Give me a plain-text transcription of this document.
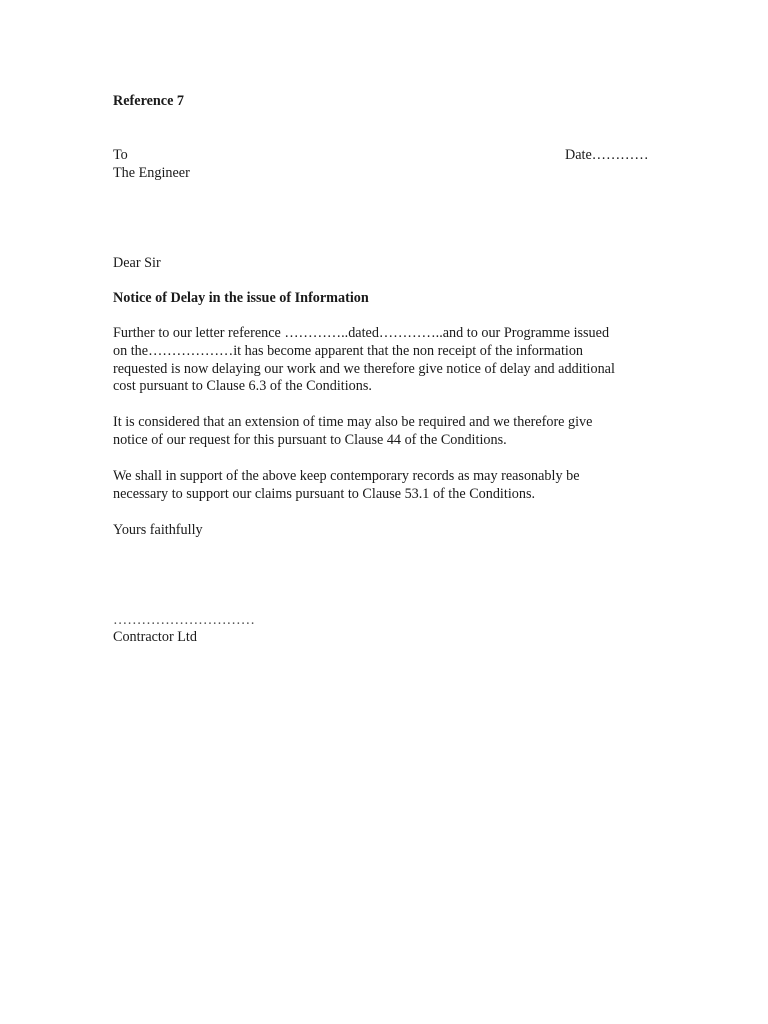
Reference 7
To	Date…………
The Engineer
Dear Sir
Notice of Delay in the issue of Information
Further to our letter reference …………..dated…………..and to our Programme issued
on the………………it has become apparent that the non receipt of the information
requested is now delaying our work and we therefore give notice of delay and additional
cost pursuant to Clause 6.3 of the Conditions.
It is considered that an extension of time may also be required and we therefore give
notice of our request for this pursuant to Clause 44 of the Conditions.
We shall in support of the above keep contemporary records as may reasonably be
necessary to support our claims pursuant to Clause 53.1 of the Conditions.
Yours faithfully
…………………………
Contractor Ltd
